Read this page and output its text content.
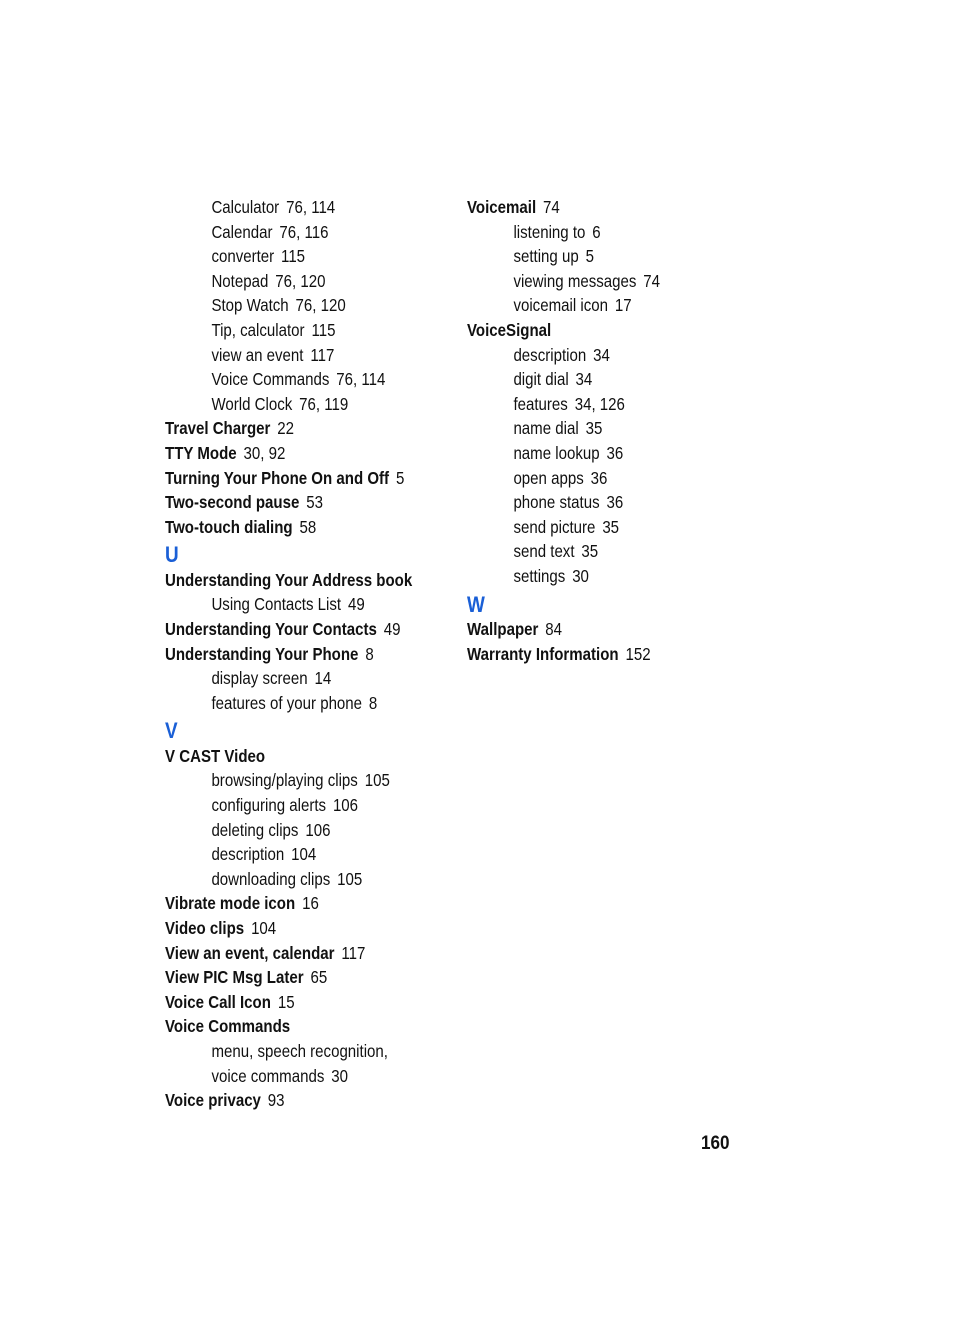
Calculator 76, 114
Calendar 76, 116
converter 115
Notepad 76, 120
Stop Watch 76, 120
Tip, calculator 115
view an event 117
Voice Commands 76, 114
World Clock 76, 119
Travel Charger 22
TTY Mode 30, 92
Turning Your Phone On and Off 5
Two-second pause 53
Two-touch dialing 58
U
Understanding Your Address book
Using Contacts List 49
Understanding Your Contacts 49
Understanding Your Phone 8
display screen 14
features of your phone 8
V
V CAST Video
browsing/playing clips 105
configuring alerts 106
deleting clips 106
description 104
downloading clips 105
Vibrate mode icon 16
Video clips 104
View an event, calendar 117
View PIC Msg Later 65
Voice Call Icon 15
Voice Commands
menu, speech recognition,
voice commands 30
Voice privacy 93
Voicemail 74
listening to 6
setting up 5
viewing messages 74
voicemail icon 17
VoiceSignal
description 34
digit dial 34
features 34, 126
name dial 35
name lookup 36
open apps 36
phone status 36
send picture 35
send text 35
settings 30
W
Wallpaper 84
Warranty Information 152
160
